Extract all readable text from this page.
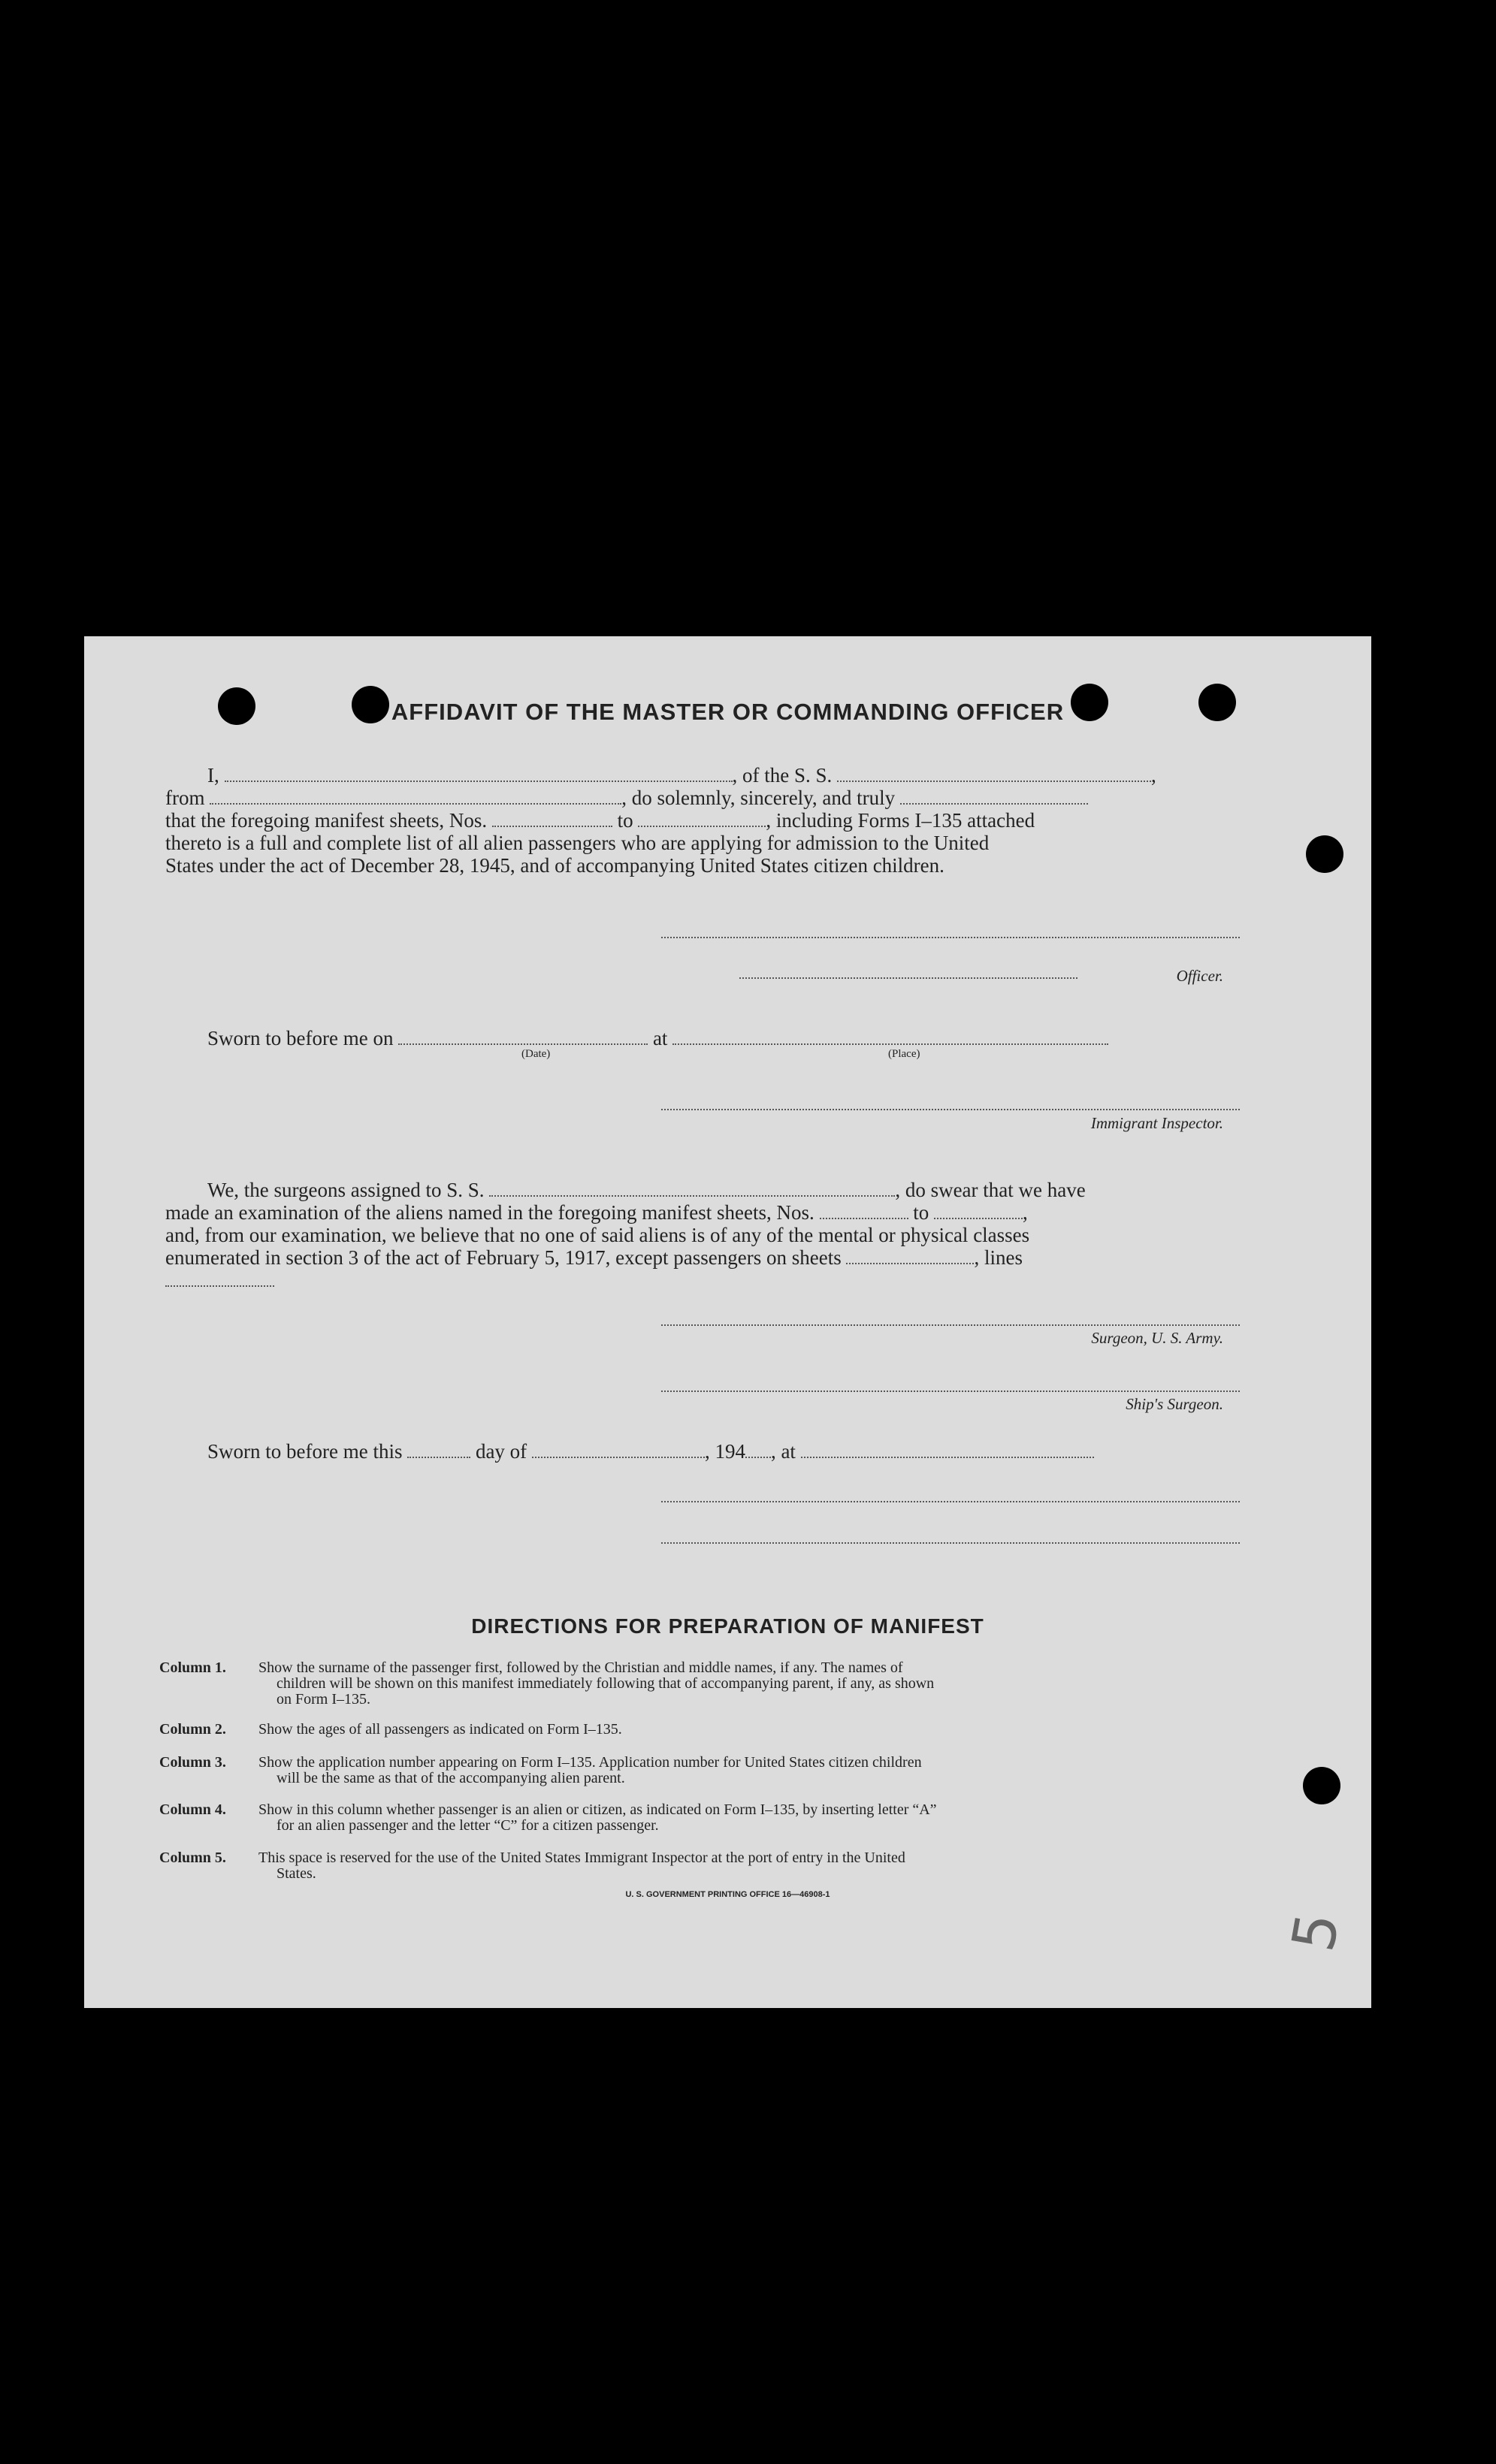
AFFIDAVIT OF THE MASTER OR COMMANDING OFFICER
I,	, of the S. S.	,
from	, do solemnly, sincerely, and truly
that the foregoing manifest sheets, Nos.	to	, including Forms I–135 attached
thereto is a full and complete list of all alien passengers who are applying for admission to the United
States under the act of December 28, 1945, and of accompanying United States citizen children.
Officer.
Sworn to before me on	at
(Date)	(Place)
Immigrant Inspector.
We, the surgeons assigned to S. S.	, do swear that we have
made an examination of the aliens named in the foregoing manifest sheets, Nos.	to	,
and, from our examination, we believe that no one of said aliens is of any of the mental or physical classes
enumerated in section 3 of the act of February 5, 1917, except passengers on sheets	, lines
Surgeon, U. S. Army.
Ship's Surgeon.
Sworn to before me this	day of	, 194 , at
DIRECTIONS FOR PREPARATION OF MANIFEST
Column 1. Show the surname of the passenger first, followed by the Christian and middle names, if any. The names of
children will be shown on this manifest immediately following that of accompanying parent, if any, as shown
on Form I–135.
Column 2. Show the ages of all passengers as indicated on Form I–135.
Column 3. Show the application number appearing on Form I–135. Application number for United States citizen children
will be the same as that of the accompanying alien parent.
Column 4. Show in this column whether passenger is an alien or citizen, as indicated on Form I–135, by inserting letter “A”
for an alien passenger and the letter “C” for a citizen passenger.
Column 5. This space is reserved for the use of the United States Immigrant Inspector at the port of entry in the United
States.
U. S. GOVERNMENT PRINTING OFFICE 16—46908-1
5
